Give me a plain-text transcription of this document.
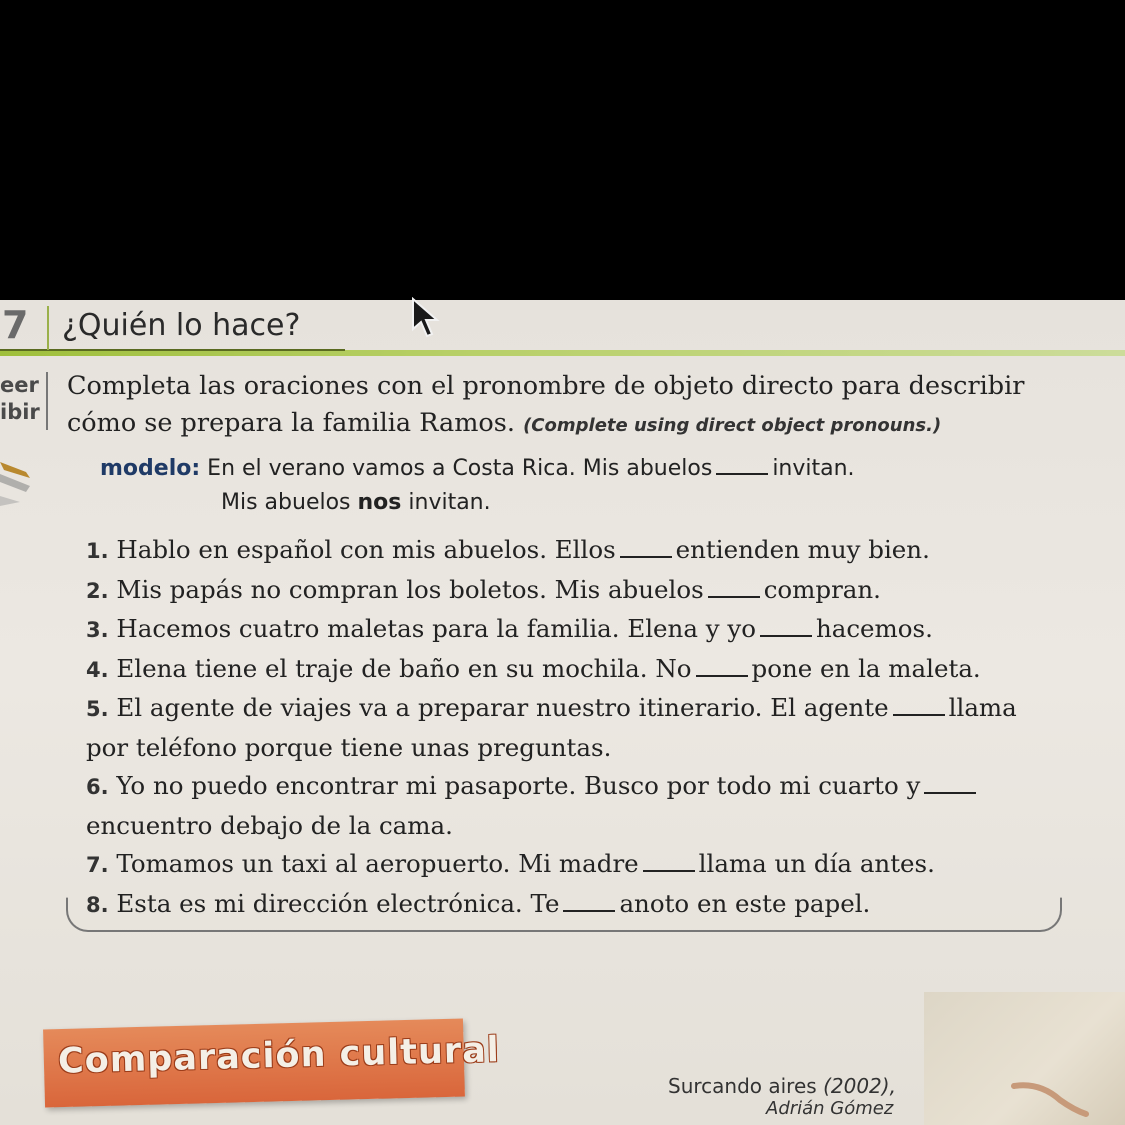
7	¿Quién lo hace?
eer
ibir
Completa las oraciones con el pronombre de objeto directo para describir
cómo se prepara la familia Ramos. (Complete using direct object pronouns.)
modelo: En el verano vamos a Costa Rica. Mis abuelos	invitan.
Mis abuelos nos invitan.
1. Hablo en español con mis abuelos. Ellos entienden muy bien.
2. Mis papás no compran los boletos. Mis abuelos compran.
3. Hacemos cuatro maletas para la familia. Elena y yo hacemos.
4. Elena tiene el traje de baño en su mochila. No pone en la maleta.
5. El agente de viajes va a preparar nuestro itinerario. El agente llama
por teléfono porque tiene unas preguntas.
6. Yo no puedo encontrar mi pasaporte. Busco por todo mi cuarto y
encuentro debajo de la cama.
7. Tomamos un taxi al aeropuerto. Mi madre llama un día antes.
8. Esta es mi dirección electrónica. Te anoto en este papel.
Comparación cultural
Surcando aires (2002),
Adrián Gómez
